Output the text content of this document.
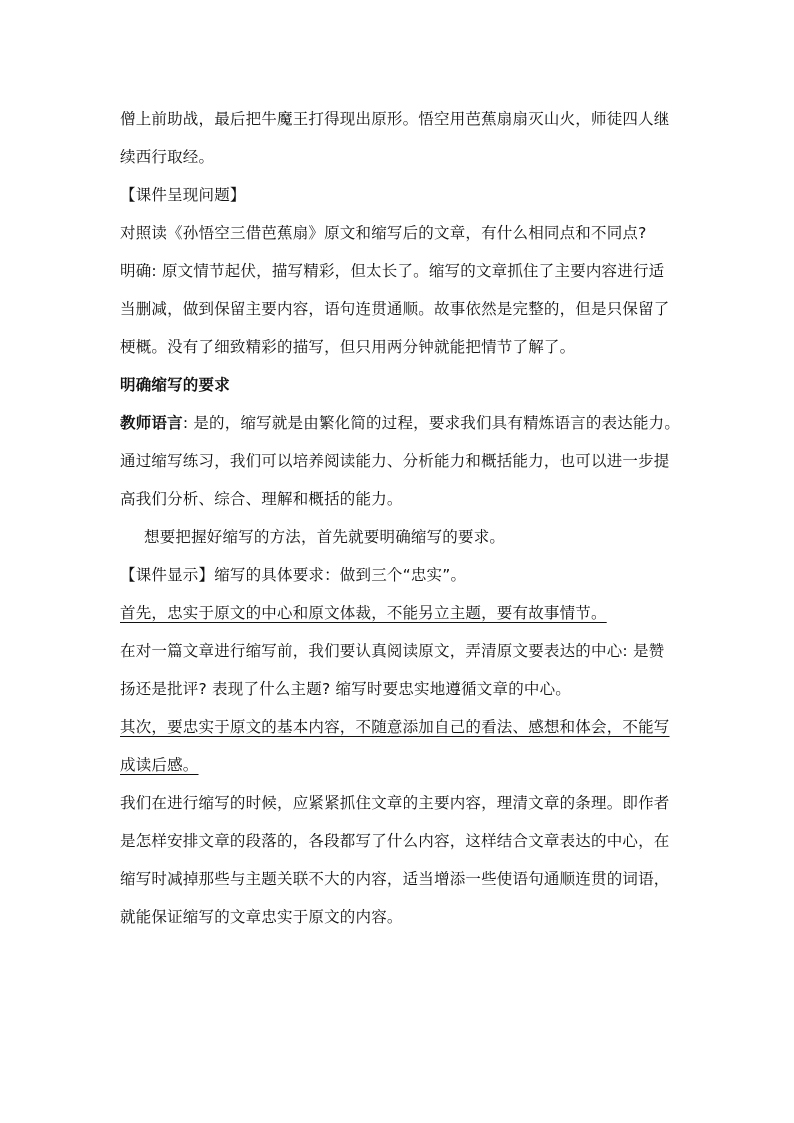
僧上前助战，最后把牛魔王打得现出原形。悟空用芭蕉扇扇灭山火，师徒四人继
续西行取经。
【课件呈现问题】
对照读《孙悟空三借芭蕉扇》原文和缩写后的文章，有什么相同点和不同点?
明确: 原文情节起伏，描写精彩，但太长了。缩写的文章抓住了主要内容进行适
当删减，做到保留主要内容，语句连贯通顺。故事依然是完整的，但是只保留了
梗概。没有了细致精彩的描写，但只用两分钟就能把情节了解了。
明确缩写的要求
教师语言: 是的，缩写就是由繁化简的过程，要求我们具有精炼语言的表达能力。
通过缩写练习，我们可以培养阅读能力、分析能力和概括能力，也可以进一步提
高我们分析、综合、理解和概括的能力。
想要把握好缩写的方法，首先就要明确缩写的要求。
【课件显示】缩写的具体要求：做到三个“忠实”。
首先，忠实于原文的中心和原文体裁，不能另立主题，要有故事情节。
在对一篇文章进行缩写前，我们要认真阅读原文，弄清原文要表达的中心: 是赞
扬还是批评? 表现了什么主题? 缩写时要忠实地遵循文章的中心。
其次，要忠实于原文的基本内容，不随意添加自己的看法、感想和体会，不能写
成读后感。
我们在进行缩写的时候，应紧紧抓住文章的主要内容，理清文章的条理。即作者
是怎样安排文章的段落的，各段都写了什么内容，这样结合文章表达的中心，在
缩写时减掉那些与主题关联不大的内容，适当增添一些使语句通顺连贯的词语，
就能保证缩写的文章忠实于原文的内容。
